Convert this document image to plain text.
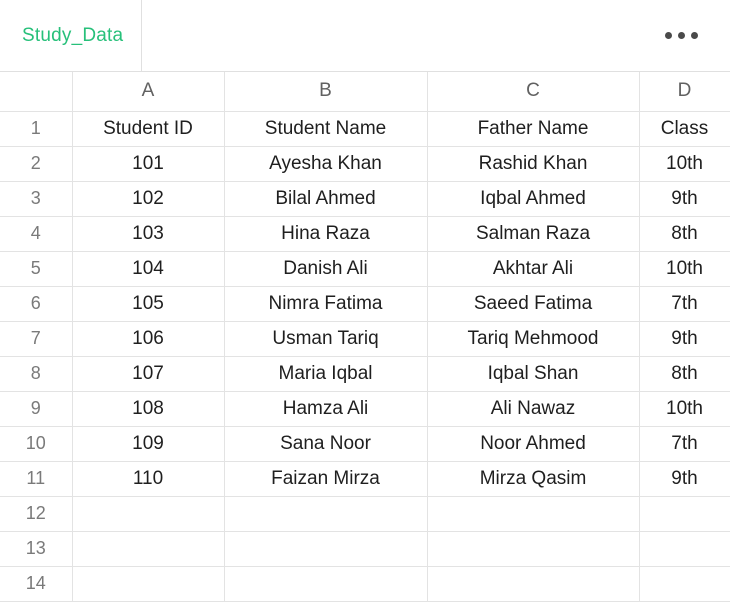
Study_Data
	A	B	C	D
1	Student ID	Student Name	Father Name	Class
2	101	Ayesha Khan	Rashid Khan	10th
3	102	Bilal Ahmed	Iqbal Ahmed	9th
4	103	Hina Raza	Salman Raza	8th
5	104	Danish Ali	Akhtar Ali	10th
6	105	Nimra Fatima	Saeed Fatima	7th
7	106	Usman Tariq	Tariq Mehmood	9th
8	107	Maria Iqbal	Iqbal Shan	8th
9	108	Hamza Ali	Ali Nawaz	10th
10	109	Sana Noor	Noor Ahmed	7th
11	110	Faizan Mirza	Mirza Qasim	9th
12				
13				
14				
